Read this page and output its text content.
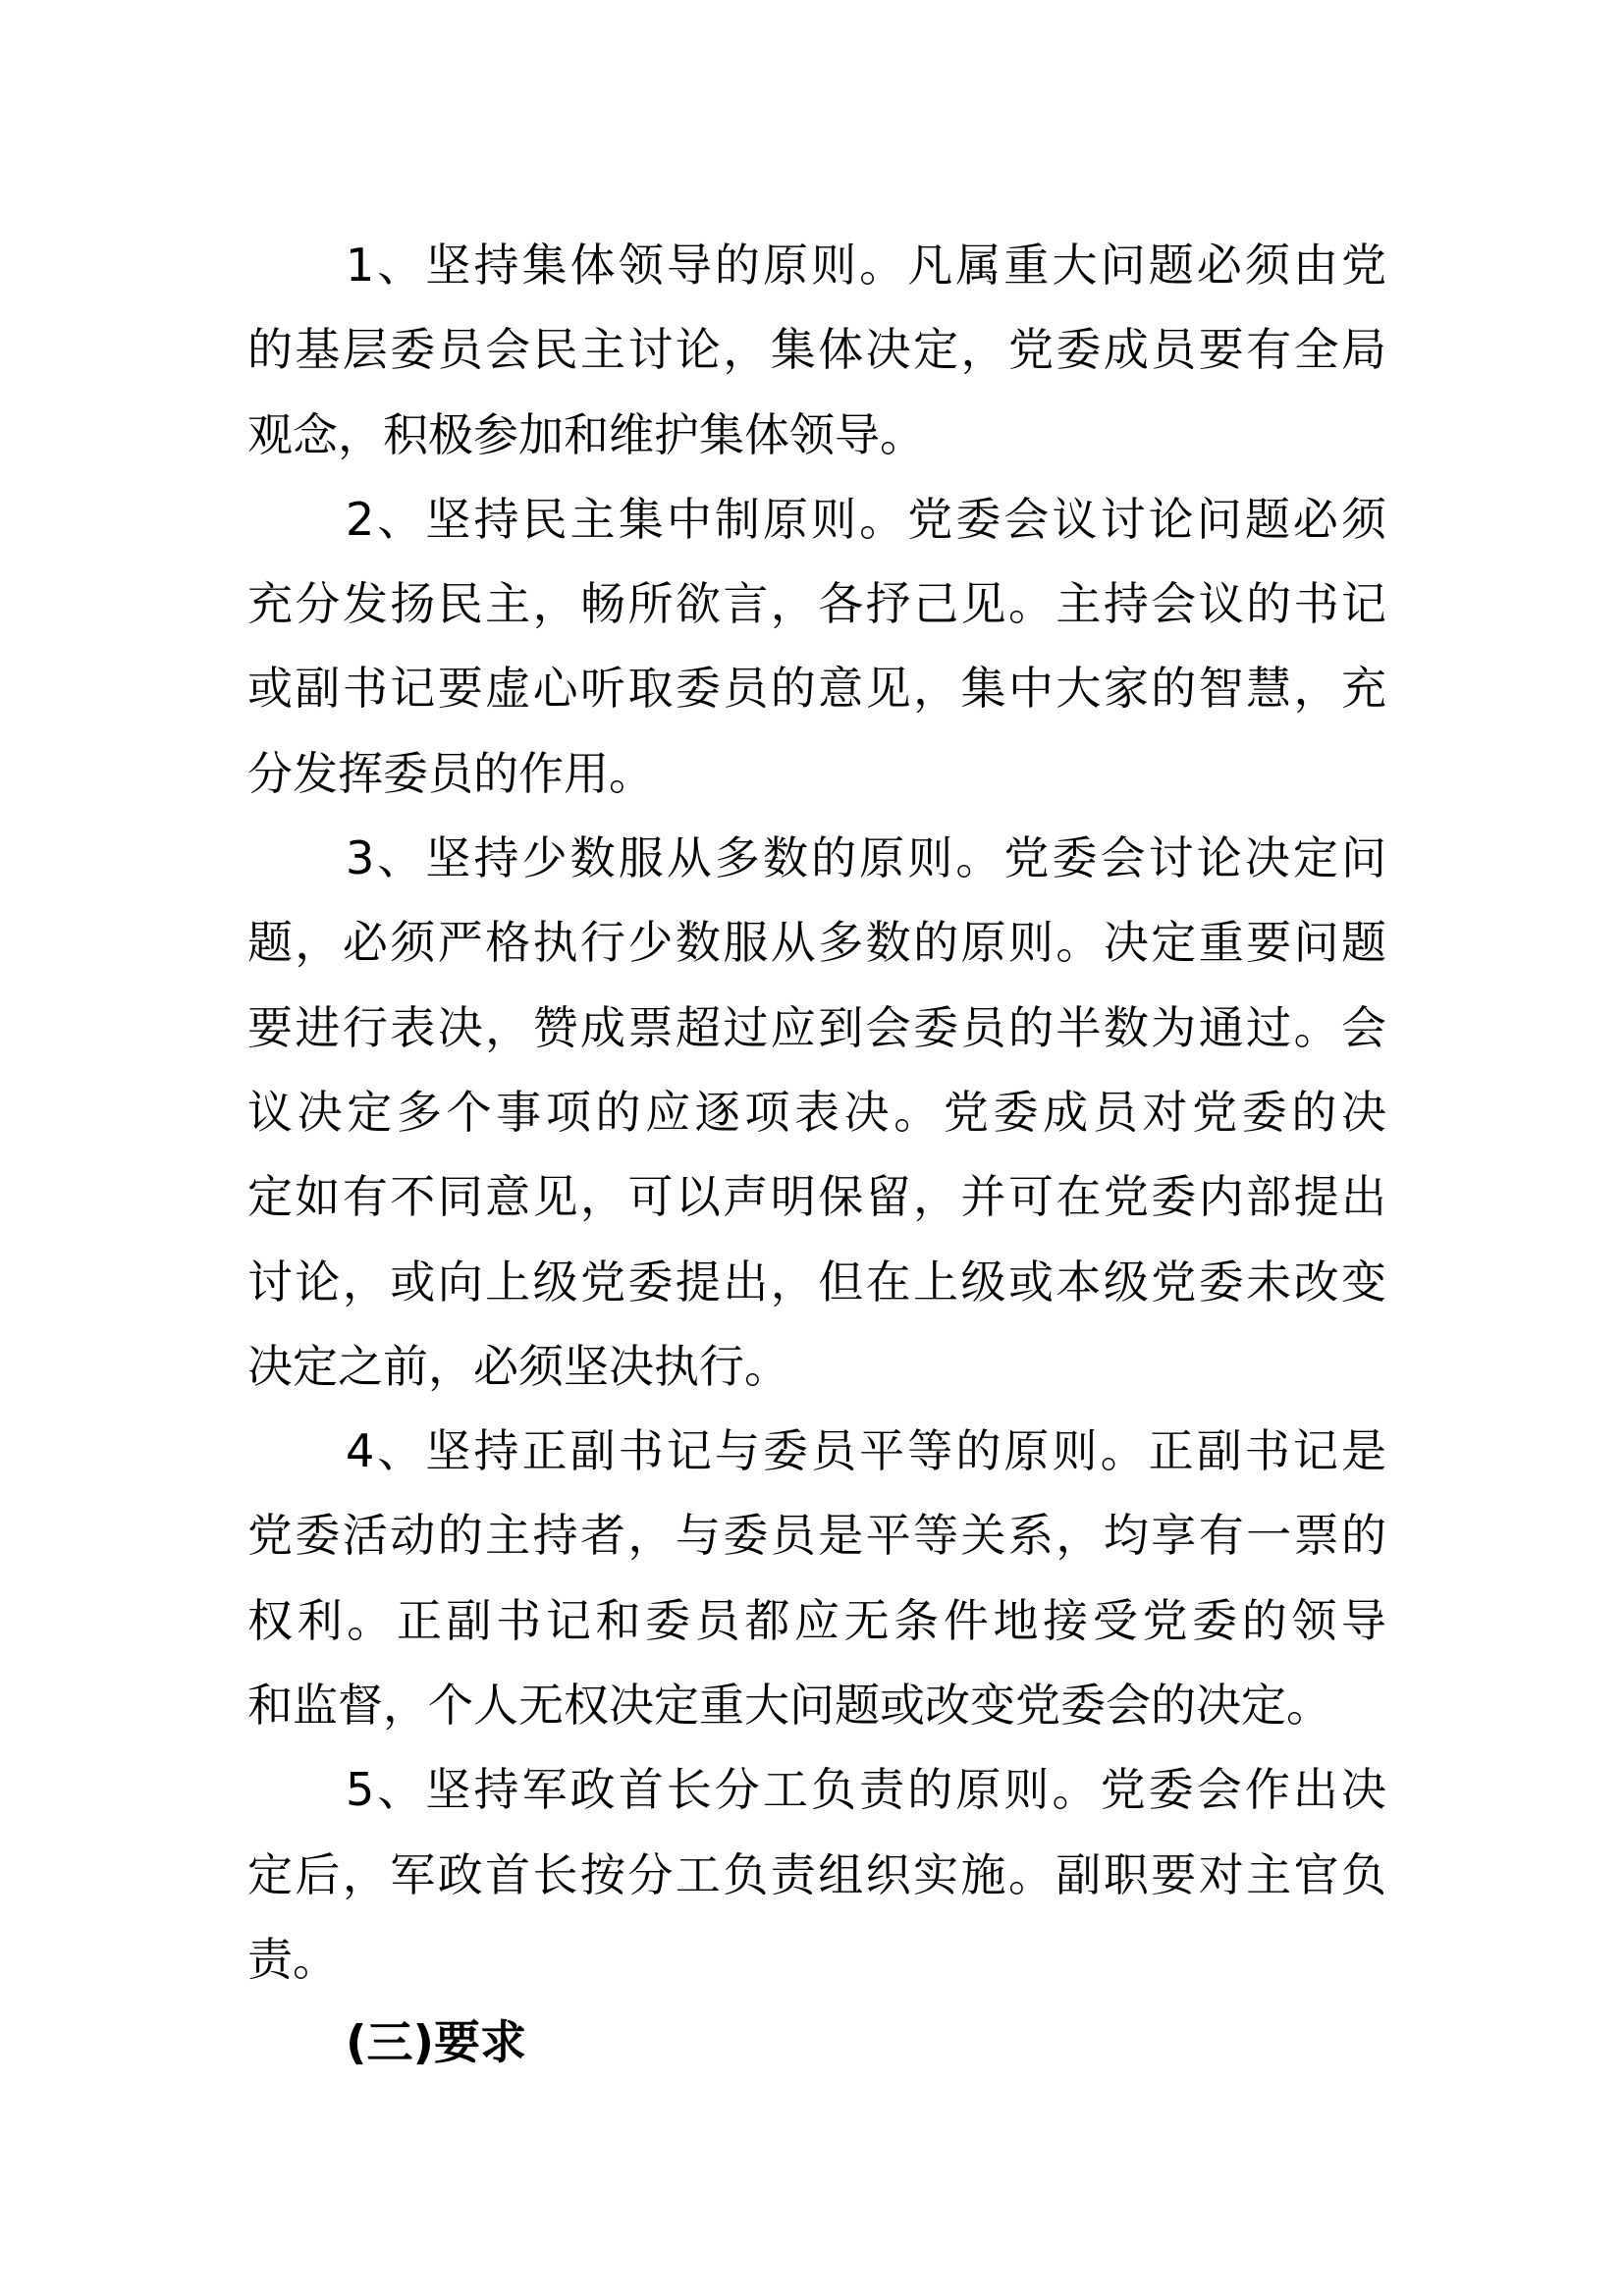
1、坚持集体领导的原则。凡属重大问题必须由党
的基层委员会民主讨论，集体决定，党委成员要有全局
观念，积极参加和维护集体领导。
2、坚持民主集中制原则。党委会议讨论问题必须
充分发扬民主，畅所欲言，各抒己见。主持会议的书记
或副书记要虚心听取委员的意见，集中大家的智慧，充
分发挥委员的作用。
3、坚持少数服从多数的原则。党委会讨论决定问
题，必须严格执行少数服从多数的原则。决定重要问题
要进行表决，赞成票超过应到会委员的半数为通过。会
议决定多个事项的应逐项表决。党委成员对党委的决
定如有不同意见，可以声明保留，并可在党委内部提出
讨论，或向上级党委提出，但在上级或本级党委未改变
决定之前，必须坚决执行。
4、坚持正副书记与委员平等的原则。正副书记是
党委活动的主持者，与委员是平等关系，均享有一票的
权利。正副书记和委员都应无条件地接受党委的领导
和监督，个人无权决定重大问题或改变党委会的决定。
5、坚持军政首长分工负责的原则。党委会作出决
定后，军政首长按分工负责组织实施。副职要对主官负
责。
(三)要求
